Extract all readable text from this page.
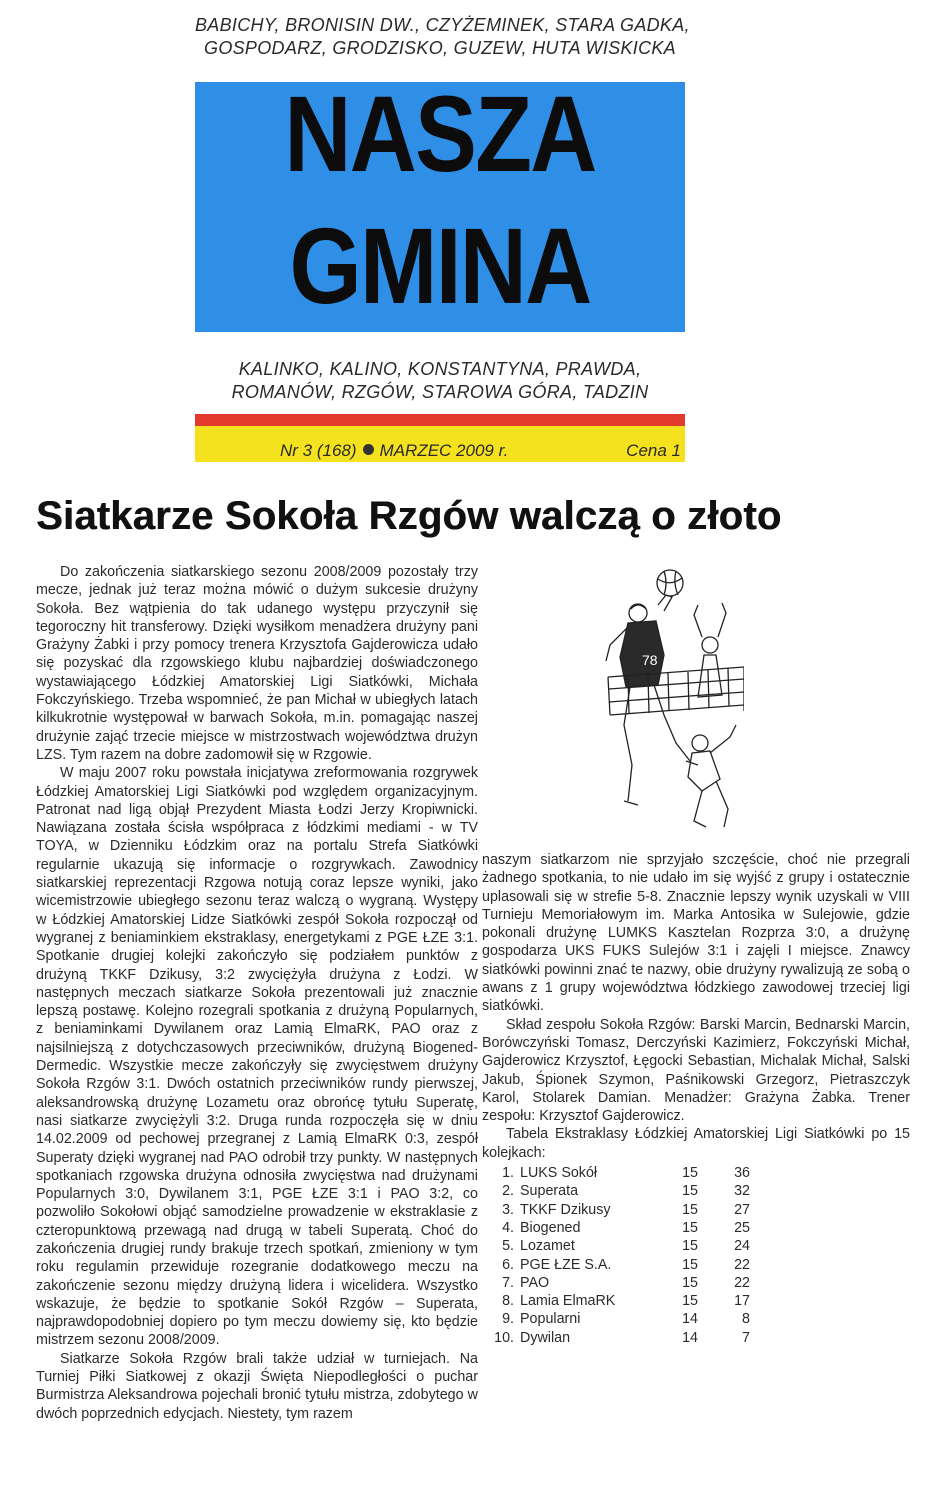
BABICHY, BRONISIN DW., CZYŻEMINEK, STARA GADKA,
GOSPODARZ, GRODZISKO, GUZEW, HUTA WISKICKA
NASZA
GMINA
KALINKO, KALINO, KONSTANTYNA, PRAWDA,
ROMANÓW, RZGÓW, STAROWA GÓRA, TADZIN
Nr 3 (168) MARZEC 2009 r.	Cena 1
Siatkarze Sokoła Rzgów walczą o złoto

Do zakończenia siatkarskiego sezonu 2008/2009 pozostały trzy mecze, jednak już teraz można mówić o dużym sukcesie drużyny Sokoła. Bez wątpienia do tak udanego występu przyczynił się tegoroczny hit transferowy. Dzięki wysiłkom menadżera drużyny pani Grażyny Żabki i przy pomocy trenera Krzysztofa Gajderowicza udało się pozyskać dla rzgowskiego klubu najbardziej doświadczonego wystawiającego Łódzkiej Amatorskiej Ligi Siatkówki, Michała Fokczyńskiego. Trzeba wspomnieć, że pan Michał w ubiegłych latach kilkukrotnie występował w barwach Sokoła, m.in. pomagając naszej drużynie zająć trzecie miejsce w mistrzostwach województwa drużyn LZS. Tym razem na dobre zadomowił się w Rzgowie.

W maju 2007 roku powstała inicjatywa zreformowania rozgrywek Łódzkiej Amatorskiej Ligi Siatkówki pod względem organizacyjnym. Patronat nad ligą objął Prezydent Miasta Łodzi Jerzy Kropiwnicki. Nawiązana została ścisła współpraca z łódzkimi mediami - w TV TOYA, w Dzienniku Łódzkim oraz na portalu Strefa Siatkówki regularnie ukazują się informacje o rozgrywkach. Zawodnicy siatkarskiej reprezentacji Rzgowa notują coraz lepsze wyniki, jako wicemistrzowie ubiegłego sezonu teraz walczą o wygraną. Występy w Łódzkiej Amatorskiej Lidze Siatkówki zespół Sokoła rozpoczął od wygranej z beniaminkiem ekstraklasy, energetykami z PGE ŁZE 3:1. Spotkanie drugiej kolejki zakończyło się podziałem punktów z drużyną TKKF Dzikusy, 3:2 zwyciężyła drużyna z Łodzi. W następnych meczach siatkarze Sokoła prezentowali już znacznie lepszą postawę. Kolejno rozegrali spotkania z drużyną Popularnych, z beniaminkami Dywilanem oraz Lamią ElmaRK, PAO oraz z najsilniejszą z dotychczasowych przeciwników, drużyną Biogened-Dermedic. Wszystkie mecze zakończyły się zwycięstwem drużyny Sokoła Rzgów 3:1. Dwóch ostatnich przeciwników rundy pierwszej, aleksandrowską drużynę Lozametu oraz obrońcę tytułu Superatę, nasi siatkarze zwyciężyli 3:2. Druga runda rozpoczęła się w dniu 14.02.2009 od pechowej przegranej z Lamią ElmaRK 0:3, zespół Superaty dzięki wygranej nad PAO odrobił trzy punkty. W następnych spotkaniach rzgowska drużyna odnosiła zwycięstwa nad drużynami Popularnych 3:0, Dywilanem 3:1, PGE ŁZE 3:1 i PAO 3:2, co pozwoliło Sokołowi objąć samodzielne prowadzenie w ekstraklasie z czteropunktową przewagą nad drugą w tabeli Superatą. Choć do zakończenia drugiej rundy brakuje trzech spotkań, zmieniony w tym roku regulamin przewiduje rozegranie dodatkowego meczu na zakończenie sezonu między drużyną lidera i wicelidera. Wszystko wskazuje, że będzie to spotkanie Sokół Rzgów – Superata, najprawdopodobniej dopiero po tym meczu dowiemy się, kto będzie mistrzem sezonu 2008/2009.

Siatkarze Sokoła Rzgów brali także udział w turniejach. Na Turniej Piłki Siatkowej z okazji Święta Niepodległości o puchar Burmistrza Aleksandrowa pojechali bronić tytułu mistrza, zdobytego w dwóch poprzednich edycjach. Niestety, tym razem

78

naszym siatkarzom nie sprzyjało szczęście, choć nie przegrali żadnego spotkania, to nie udało im się wyjść z grupy i ostatecznie uplasowali się w strefie 5-8. Znacznie lepszy wynik uzyskali w VIII Turnieju Memoriałowym im. Marka Antosika w Sulejowie, gdzie pokonali drużynę LUMKS Kasztelan Rozprza 3:0, a drużynę gospodarza UKS FUKS Sulejów 3:1 i zajęli I miejsce. Znawcy siatkówki powinni znać te nazwy, obie drużyny rywalizują ze sobą o awans z 1 grupy województwa łódzkiego zawodowej trzeciej ligi siatkówki.

Skład zespołu Sokoła Rzgów: Barski Marcin, Bednarski Marcin, Borówczyński Tomasz, Derczyński Kazimierz, Fokczyński Michał, Gajderowicz Krzysztof, Łęgocki Sebastian, Michalak Michał, Salski Jakub, Śpionek Szymon, Paśnikowski Grzegorz, Pietraszczyk Karol, Stolarek Damian. Menadżer: Grażyna Żabka. Trener zespołu: Krzysztof Gajderowicz.

Tabela Ekstraklasy Łódzkiej Amatorskiej Ligi Siatkówki po 15 kolejkach:

1. LUKS Sokół	15	36
2. Superata	15	32
3. TKKF Dzikusy	15	27
4. Biogened	15	25
5. Lozamet	15	24
6. PGE ŁZE S.A.	15	22
7. PAO	15	22
8. Lamia ElmaRK	15	17
9. Popularni	14	8
10. Dywilan	14	7
